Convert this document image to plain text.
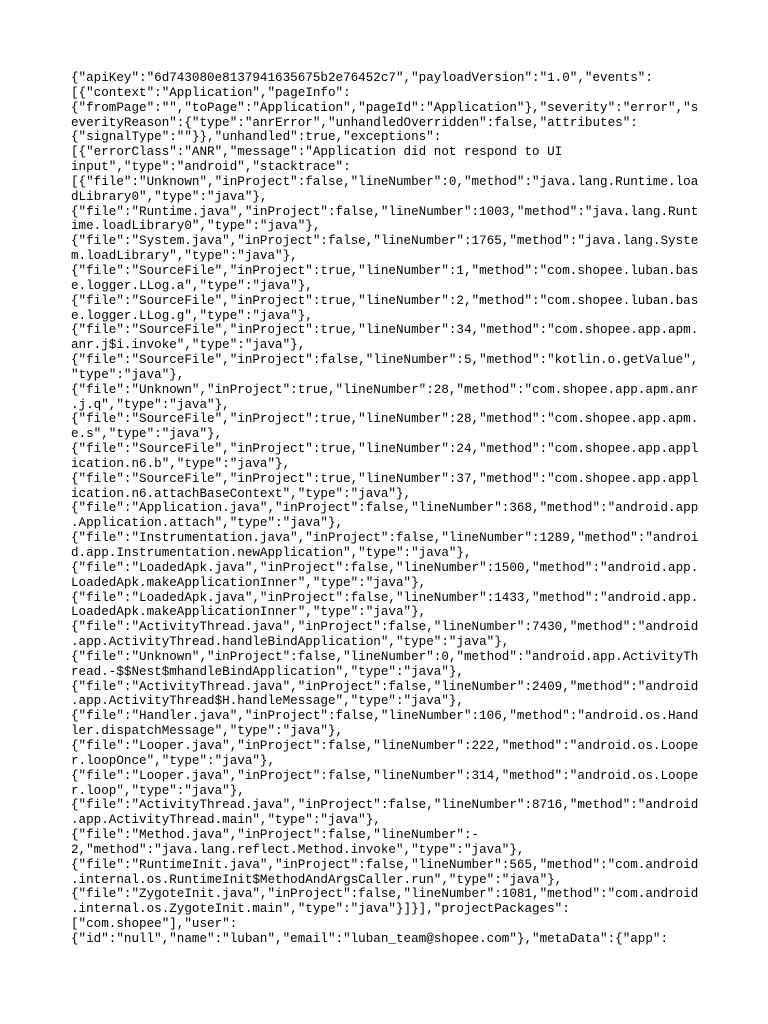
{"apiKey":"6d743080e8137941635675b2e76452c7","payloadVersion":"1.0","events":
[{"context":"Application","pageInfo":
{"fromPage":"","toPage":"Application","pageId":"Application"},"severity":"error","s
everityReason":{"type":"anrError","unhandledOverridden":false,"attributes":
{"signalType":""}},"unhandled":true,"exceptions":
[{"errorClass":"ANR","message":"Application did not respond to UI
input","type":"android","stacktrace":
[{"file":"Unknown","inProject":false,"lineNumber":0,"method":"java.lang.Runtime.loa
dLibrary0","type":"java"},
{"file":"Runtime.java","inProject":false,"lineNumber":1003,"method":"java.lang.Runt
ime.loadLibrary0","type":"java"},
{"file":"System.java","inProject":false,"lineNumber":1765,"method":"java.lang.Syste
m.loadLibrary","type":"java"},
{"file":"SourceFile","inProject":true,"lineNumber":1,"method":"com.shopee.luban.bas
e.logger.LLog.a","type":"java"},
{"file":"SourceFile","inProject":true,"lineNumber":2,"method":"com.shopee.luban.bas
e.logger.LLog.g","type":"java"},
{"file":"SourceFile","inProject":true,"lineNumber":34,"method":"com.shopee.app.apm.
anr.j$i.invoke","type":"java"},
{"file":"SourceFile","inProject":false,"lineNumber":5,"method":"kotlin.o.getValue",
"type":"java"},
{"file":"Unknown","inProject":true,"lineNumber":28,"method":"com.shopee.app.apm.anr
.j.q","type":"java"},
{"file":"SourceFile","inProject":true,"lineNumber":28,"method":"com.shopee.app.apm.
e.s","type":"java"},
{"file":"SourceFile","inProject":true,"lineNumber":24,"method":"com.shopee.app.appl
ication.n6.b","type":"java"},
{"file":"SourceFile","inProject":true,"lineNumber":37,"method":"com.shopee.app.appl
ication.n6.attachBaseContext","type":"java"},
{"file":"Application.java","inProject":false,"lineNumber":368,"method":"android.app
.Application.attach","type":"java"},
{"file":"Instrumentation.java","inProject":false,"lineNumber":1289,"method":"androi
d.app.Instrumentation.newApplication","type":"java"},
{"file":"LoadedApk.java","inProject":false,"lineNumber":1500,"method":"android.app.
LoadedApk.makeApplicationInner","type":"java"},
{"file":"LoadedApk.java","inProject":false,"lineNumber":1433,"method":"android.app.
LoadedApk.makeApplicationInner","type":"java"},
{"file":"ActivityThread.java","inProject":false,"lineNumber":7430,"method":"android
.app.ActivityThread.handleBindApplication","type":"java"},
{"file":"Unknown","inProject":false,"lineNumber":0,"method":"android.app.ActivityTh
read.-$$Nest$mhandleBindApplication","type":"java"},
{"file":"ActivityThread.java","inProject":false,"lineNumber":2409,"method":"android
.app.ActivityThread$H.handleMessage","type":"java"},
{"file":"Handler.java","inProject":false,"lineNumber":106,"method":"android.os.Hand
ler.dispatchMessage","type":"java"},
{"file":"Looper.java","inProject":false,"lineNumber":222,"method":"android.os.Loope
r.loopOnce","type":"java"},
{"file":"Looper.java","inProject":false,"lineNumber":314,"method":"android.os.Loope
r.loop","type":"java"},
{"file":"ActivityThread.java","inProject":false,"lineNumber":8716,"method":"android
.app.ActivityThread.main","type":"java"},
{"file":"Method.java","inProject":false,"lineNumber":-
2,"method":"java.lang.reflect.Method.invoke","type":"java"},
{"file":"RuntimeInit.java","inProject":false,"lineNumber":565,"method":"com.android
.internal.os.RuntimeInit$MethodAndArgsCaller.run","type":"java"},
{"file":"ZygoteInit.java","inProject":false,"lineNumber":1081,"method":"com.android
.internal.os.ZygoteInit.main","type":"java"}]}],"projectPackages":
["com.shopee"],"user":
{"id":"null","name":"luban","email":"luban_team@shopee.com"},"metaData":{"app":
